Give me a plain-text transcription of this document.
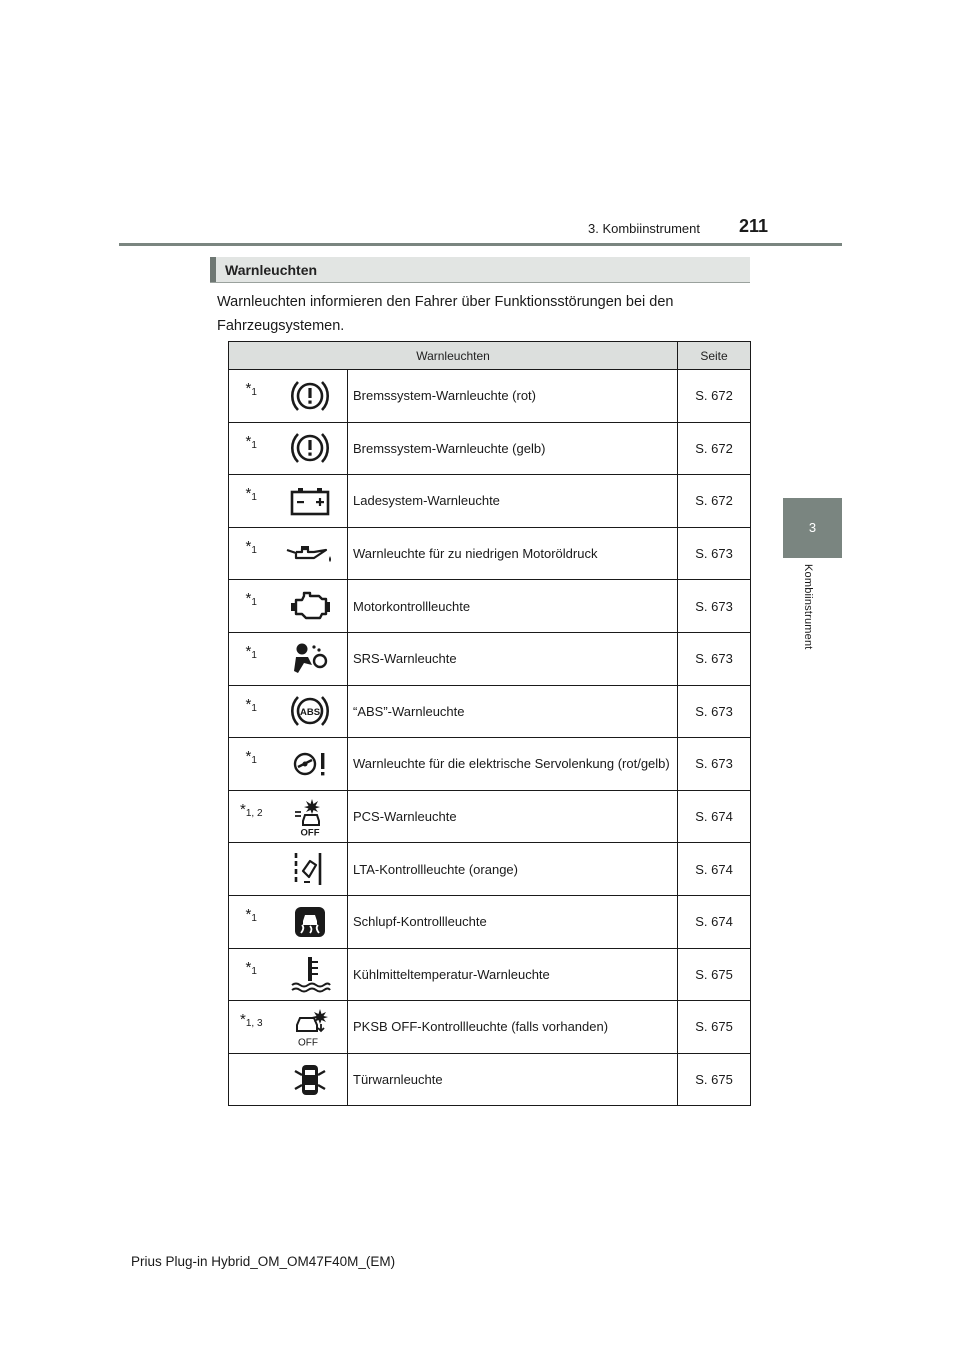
3. Kombiinstrument 211
3
Kombiinstrument
Warnleuchten
Warnleuchten informieren den Fahrer über Funktionsstörungen bei den Fahrzeugsystemen.
Warnleuchten			Seite
*1		Bremssystem-Warnleuchte (rot)	S. 672
*1		Bremssystem-Warnleuchte (gelb)	S. 672
*1		Ladesystem-Warnleuchte	S. 672
*1		Warnleuchte für zu niedrigen Motoröldruck	S. 673
*1		Motorkontrollleuchte	S. 673
*1		SRS-Warnleuchte	S. 673
*1	ABS	“ABS”-Warnleuchte	S. 673
*1		Warnleuchte für die elektrische Servolenkung (rot/gelb)	S. 673
*1, 2	OFF	PCS-Warnleuchte	S. 674

	LTA-Kontrollleuchte (orange)	S. 674
*1		Schlupf-Kontrollleuchte	S. 674
*1		Kühlmitteltemperatur-Warnleuchte	S. 675
*1, 3	OFF	PKSB OFF-Kontrollleuchte (falls vorhanden)	S. 675

	Türwarnleuchte	S. 675
Prius Plug-in Hybrid_OM_OM47F40M_(EM)
